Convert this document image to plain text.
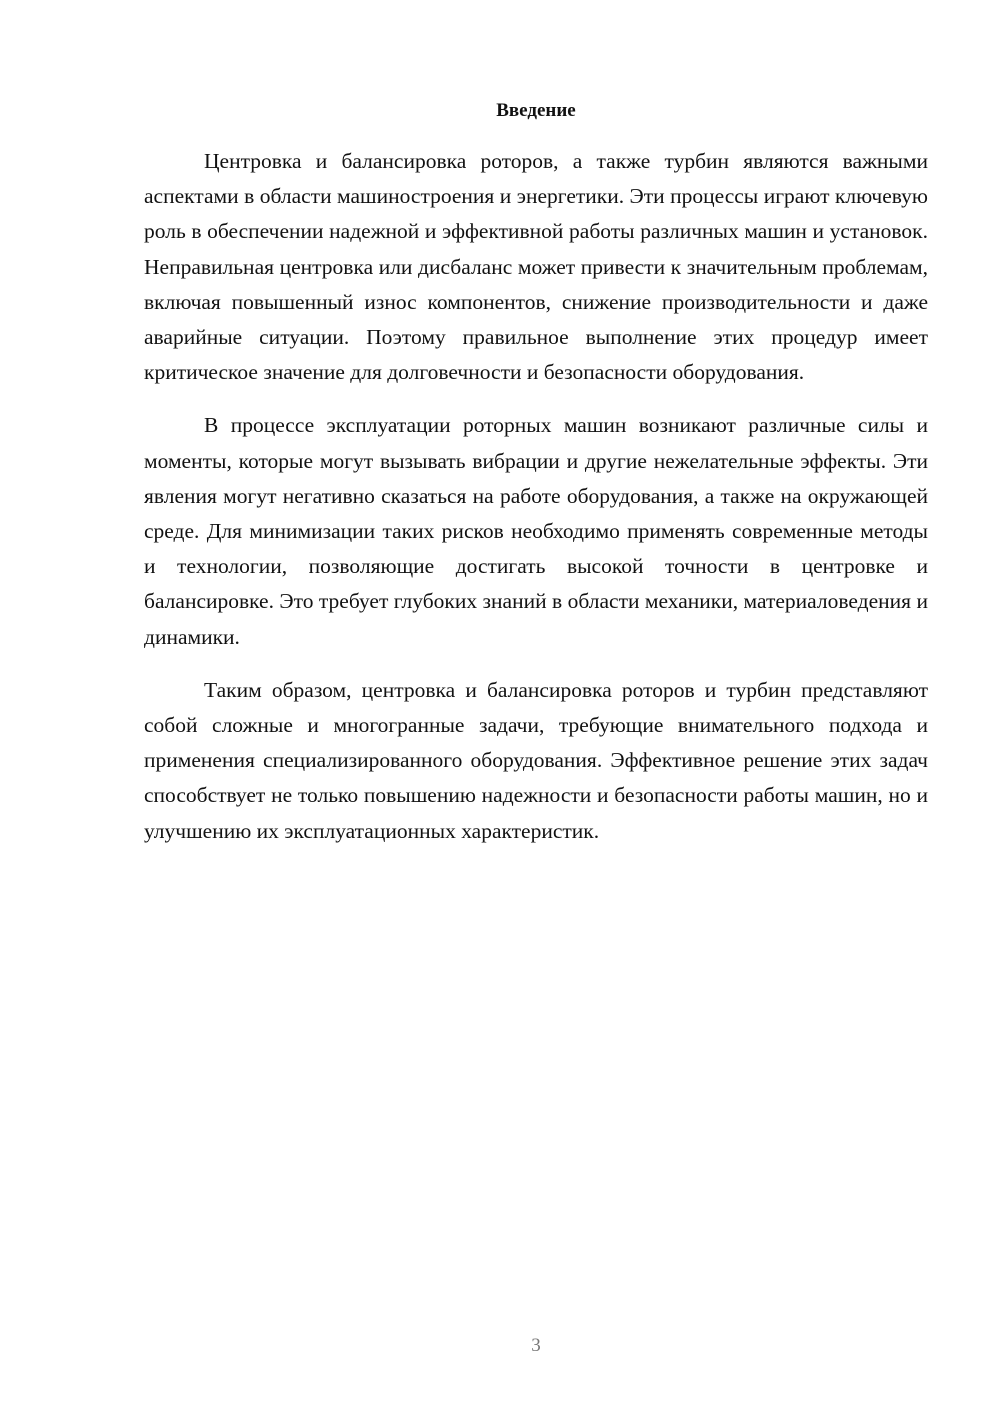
Введение

Центровка и балансировка роторов, а также турбин являются важными аспектами в области машиностроения и энергетики. Эти процессы играют ключевую роль в обеспечении надежной и эффективной работы различных машин и установок. Неправильная центровка или дисбаланс может привести к значительным проблемам, включая повышенный износ компонентов, снижение производительности и даже аварийные ситуации. Поэтому правильное выполнение этих процедур имеет критическое значение для долговечности и безопасности оборудования.

В процессе эксплуатации роторных машин возникают различные силы и моменты, которые могут вызывать вибрации и другие нежелательные эффекты. Эти явления могут негативно сказаться на работе оборудования, а также на окружающей среде. Для минимизации таких рисков необходимо применять современные методы и технологии, позволяющие достигать высокой точности в центровке и балансировке. Это требует глубоких знаний в области механики, материаловедения и динамики.

Таким образом, центровка и балансировка роторов и турбин представляют собой сложные и многогранные задачи, требующие внимательного подхода и применения специализированного оборудования. Эффективное решение этих задач способствует не только повышению надежности и безопасности работы машин, но и улучшению их эксплуатационных характеристик.

3
